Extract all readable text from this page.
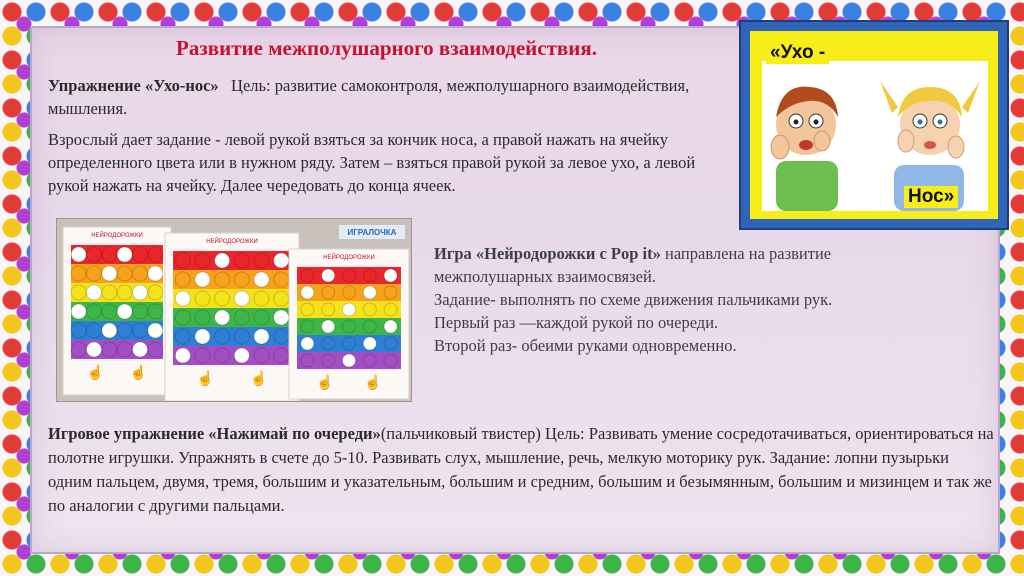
Развитие межполушарного взаимодействия.
Упражнение «Ухо-нос»   Цель: развитие самоконтроля, межполушарного взаимодействия, мышления.
Взрослый дает задание - левой рукой взяться за кончик носа, а правой нажать на ячейку определенного цвета или в нужном ряду. Затем – взяться правой рукой за левое ухо, а левой рукой нажать на ячейку. Далее чередовать до конца ячеек.
«Ухо -
Нос»
НЕЙРОДОРОЖКИ
☝ ☝
НЕЙРОДОРОЖКИ
☝	☝
НЕЙРОДОРОЖКИ
☝ ☝
ИГРАЛОЧКА
Игра «Нейродорожки с Pop it» направлена на развитие межполушарных взаимосвязей.
Задание- выполнять по схеме движения пальчиками рук.
Первый раз —каждой рукой по очереди.
Второй раз- обеими руками одновременно.
Игровое упражнение «Нажимай по очереди»(пальчиковый твистер) Цель: Развивать умение сосредотачиваться, ориентироваться на полотне игрушки. Упражнять в счете до 5-10. Развивать слух, мышление, речь, мелкую моторику рук. Задание: лопни пузырьки одним пальцем, двумя, тремя, большим и указательным, большим и средним, большим и безымянным, большим и мизинцем и так же по аналогии с другими пальцами.
